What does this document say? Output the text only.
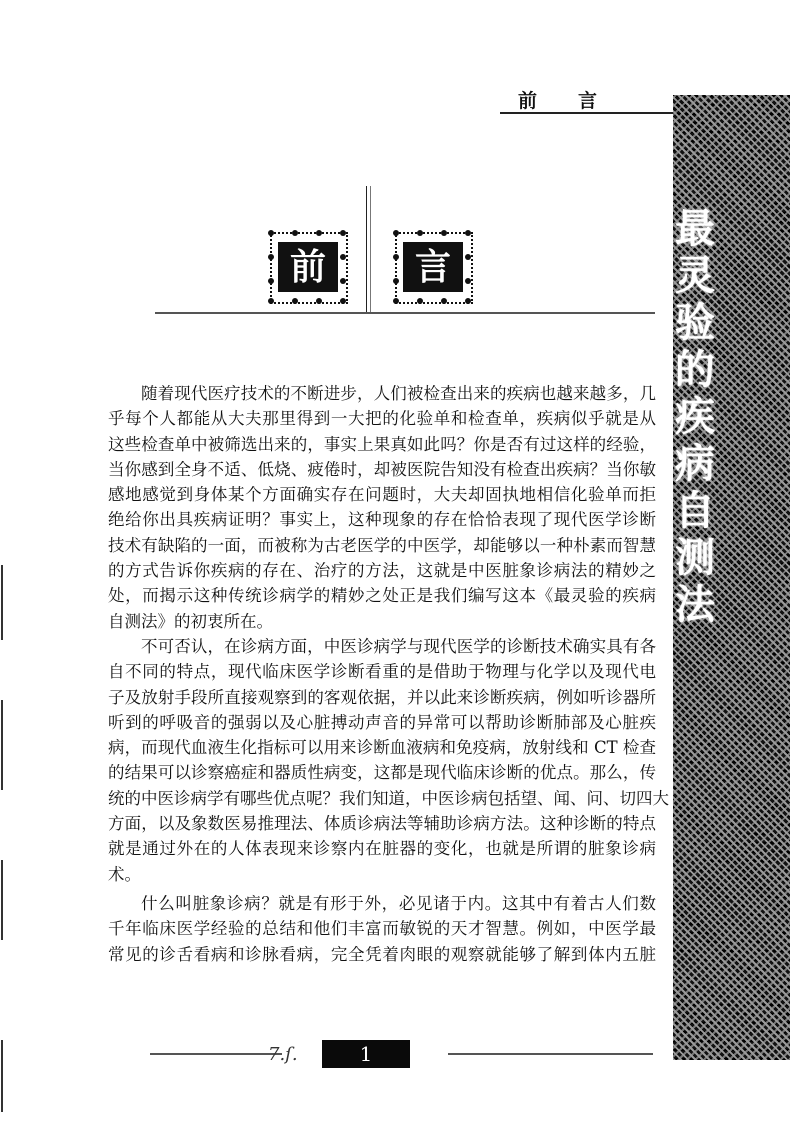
前 言
最
灵
验
的
疾
病
自
测
法
前	言
随着现代医疗技术的不断进步，人们被检查出来的疾病也越来越多，几
乎每个人都能从大夫那里得到一大把的化验单和检查单，疾病似乎就是从
这些检查单中被筛选出来的，事实上果真如此吗？你是否有过这样的经验，
当你感到全身不适、低烧、疲倦时，却被医院告知没有检查出疾病？当你敏
感地感觉到身体某个方面确实存在问题时，大夫却固执地相信化验单而拒
绝给你出具疾病证明？事实上，这种现象的存在恰恰表现了现代医学诊断
技术有缺陷的一面，而被称为古老医学的中医学，却能够以一种朴素而智慧
的方式告诉你疾病的存在、治疗的方法，这就是中医脏象诊病法的精妙之
处，而揭示这种传统诊病学的精妙之处正是我们编写这本《最灵验的疾病
自测法》的初衷所在。
不可否认，在诊病方面，中医诊病学与现代医学的诊断技术确实具有各
自不同的特点，现代临床医学诊断看重的是借助于物理与化学以及现代电
子及放射手段所直接观察到的客观依据，并以此来诊断疾病，例如听诊器所
听到的呼吸音的强弱以及心脏搏动声音的异常可以帮助诊断肺部及心脏疾
病，而现代血液生化指标可以用来诊断血液病和免疫病，放射线和 CT 检查
的结果可以诊察癌症和器质性病变，这都是现代临床诊断的优点。那么，传
统的中医诊病学有哪些优点呢？我们知道，中医诊病包括望、闻、问、切四大
方面，以及象数医易推理法、体质诊病法等辅助诊病方法。这种诊断的特点
就是通过外在的人体表现来诊察内在脏器的变化，也就是所谓的脏象诊病
术。
什么叫脏象诊病？就是有形于外，必见诸于内。这其中有着古人们数
千年临床医学经验的总结和他们丰富而敏锐的天才智慧。例如，中医学最
常见的诊舌看病和诊脉看病，完全凭着肉眼的观察就能够了解到体内五脏
7.ſ.	1
